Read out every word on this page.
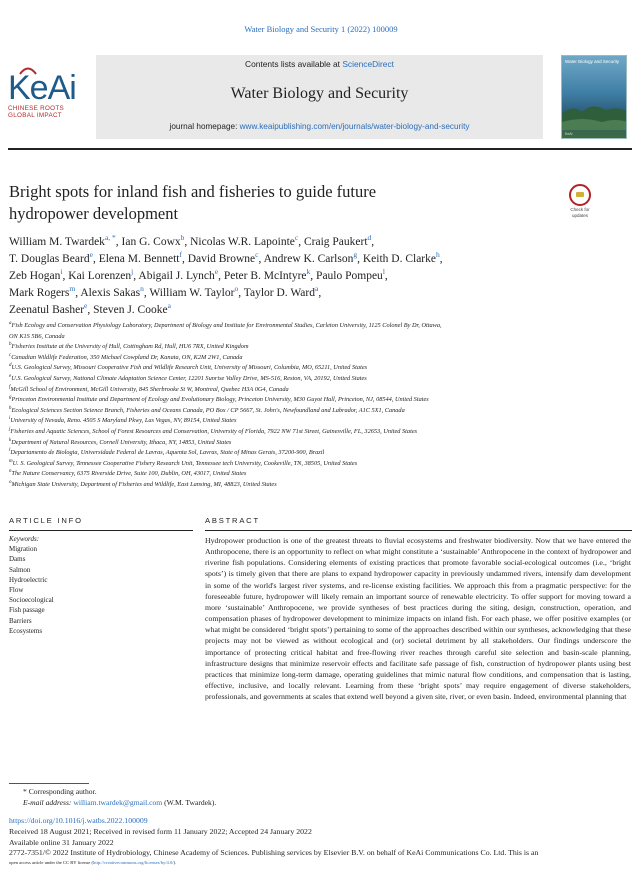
Water Biology and Security 1 (2022) 100009
KeAi
CHINESE ROOTS
GLOBAL IMPACT
Contents lists available at ScienceDirect
Water Biology and Security
journal homepage: www.keaipublishing.com/en/journals/water-biology-and-security
Water Biology and Security
KeAi
Bright spots for inland fish and fisheries to guide future
hydropower development	Check for
updates
William M. Twardek$^{a, *}$, Ian G. Cowx$^b$, Nicolas W.R. Lapointe$^c$, Craig Paukert$^d$,
T. Douglas Beard$^e$, Elena M. Bennett$^f$, David Browne$^c$, Andrew K. Carlson$^g$, Keith D. Clarke$^h$,
Zeb Hogan$^i$, Kai Lorenzen$^j$, Abigail J. Lynch$^e$, Peter B. McIntyre$^k$, Paulo Pompeu$^l$,
Mark Rogers$^m$, Alexis Sakas$^n$, William W. Taylor$^o$, Taylor D. Ward$^a$,
Zeenatul Basher$^e$, Steven J. Cooke$^a$
$^a$Fish Ecology and Conservation Physiology Laboratory, Department of Biology and Institute for Environmental Studies, Carleton University, 1125 Colonel By Dr, Ottawa,
ON K1S 5B6, Canada
$^b$Fisheries Institute at the University of Hull, Cottingham Rd, Hull, HU6 7RX, United Kingdom
$^c$Canadian Wildlife Federation, 350 Michael Cowpland Dr, Kanata, ON, K2M 2W1, Canada
$^d$U.S. Geological Survey, Missouri Cooperative Fish and Wildlife Research Unit, University of Missouri, Columbia, MO, 65211, United States
$^e$U.S. Geological Survey, National Climate Adaptation Science Center, 12201 Sunrise Valley Drive, MS-516, Reston, VA, 20192, United States
$^f$McGill School of Environment, McGill University, 845 Sherbrooke St W, Montreal, Quebec H3A 0G4, Canada
$^g$Princeton Environmental Institute and Department of Ecology and Evolutionary Biology, Princeton University, M30 Guyot Hall, Princeton, NJ, 08544, United States
$^h$Ecological Sciences Section Science Branch, Fisheries and Oceans Canada, PO Box / CP 5667, St. John's, Newfoundland and Labrador, A1C 5X1, Canada
$^i$University of Nevada, Reno. 4505 S Maryland Pkwy, Las Vegas, NV, 89154, United States
$^j$Fisheries and Aquatic Sciences, School of Forest Resources and Conservation, University of Florida, 7922 NW 71st Street, Gainesville, FL, 32653, United States
$^k$Department of Natural Resources, Cornell University, Ithaca, NY, 14853, United States
$^l$Departamento de Biologia, Universidade Federal de Lavras, Aquenta Sol, Lavras, State of Minas Gerais, 37200-900, Brazil
$^m$U. S. Geological Survey, Tennessee Cooperative Fishery Research Unit, Tennessee tech University, Cookeville, TN, 38505, United States
$^n$The Nature Conservancy, 6375 Riverside Drive, Suite 100, Dublin, OH, 43017, United States
$^o$Michigan State University, Department of Fisheries and Wildlife, East Lansing, MI, 48823, United States
ARTICLE INFO	ABSTRACT
Keywords:
Migration
Dams
Salmon
Hydroelectric
Flow
Socioecological
Fish passage
Barriers
Ecosystems
Hydropower production is one of the greatest threats to fluvial ecosystems and freshwater biodiversity. Now that we have entered the Anthropocene, there is an opportunity to reflect on what might constitute a ‘sustainable’ Anthropocene in the context of hydropower and riverine fish populations. Considering elements of existing practices that promote favorable social-ecological outcomes (i.e., ‘bright spots’) is timely given that there are plans to expand hydropower capacity in previously undammed rivers, intensify dam development in some of the world's largest river systems, and re-license existing facilities. We approach this from a pragmatic perspective: for the foreseeable future, hydropower will likely remain an important source of renewable electricity. To offer support for moving toward a more ‘sustainable’ Anthropocene, we provide syntheses of best practices during the siting, design, construction, operation, and compensation phases of hydropower development to minimize impacts on inland fish. For each phase, we offer positive examples (or what might be considered ‘bright spots’) pertaining to some of the approaches described within our syntheses, acknowledging that these projects may not be viewed as without ecological and (or) societal detriment by all stakeholders. Our findings underscore the importance of protecting critical habitat and free-flowing river reaches through careful site selection and basin-scale planning, infrastructure designs that minimize reservoir effects and facilitate safe passage of fish, construction of hydropower plants using best practices that minimize long-term damage, operating guidelines that mimic natural flow conditions, and compensation that is lasting, effective, inclusive, and locally relevant. Learning from these ‘bright spots’ may require engagement of diverse stakeholders, professionals, and governments at scales that extend well beyond a given site, river, or even basin. Indeed, environmental planning that
* Corresponding author.
E-mail address: william.twardek@gmail.com (W.M. Twardek).
https://doi.org/10.1016/j.watbs.2022.100009
Received 18 August 2021; Received in revised form 11 January 2022; Accepted 24 January 2022
Available online 31 January 2022
2772-7351/© 2022 Institute of Hydrobiology, Chinese Academy of Sciences. Publishing services by Elsevier B.V. on behalf of KeAi Communications Co. Ltd. This is an
open access article under the CC BY license (http://creativecommons.org/licenses/by/4.0/).
